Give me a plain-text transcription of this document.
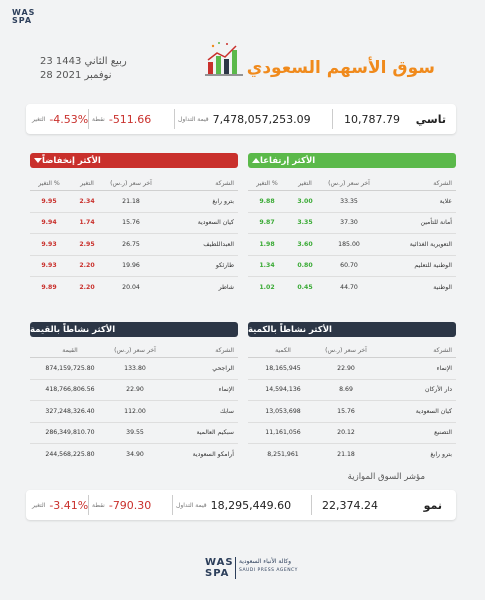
WAS
SPA
23 ربيع الثاني 1443
28 نوفمبر 2021	سوق الأسهم السعودي
تاسي
10,787.79
قيمة التداول 7,478,057,253.09
نقطة -511.66
التغير -4.53%
الأكثر إرتفاعا
الأكثر إنخفاضاً
التغير %	التغير	آخر سعر (ر.س)	الشركة
9.88	3.00	33.35	علاية
9.87	3.35	37.30	أمانة للتأمين
1.98	3.60	185.00	التعويرية الغذائية
1.34	0.80	60.70	الوطنية للتعليم
1.02	0.45	44.70	الوطنية
التغير %	التغير	آخر سعر (ر.س)	الشركة
9.95	2.34	21.18	بترو رابغ
9.94	1.74	15.76	كيان السعودية
9.93	2.95	26.75	العبداللطيف
9.93	2.20	19.96	طارئكو
9.89	2.20	20.04	شاطر
الأكثر نشاطاً بالكمية
الأكثر نشاطاً بالقيمة
الكمية	آخر سعر (ر.س)	الشركة
18,165,945	22.90	الإنماء
14,594,136	8.69	دار الأركان
13,053,698	15.76	كيان السعودية
11,161,056	20.12	التصنيع
8,251,961	21.18	بترو رابغ
القيمة	آخر سعر (ر.س)	الشركة
874,159,725.80	133.80	الراجحي
418,766,806.56	22.90	الإنماء
327,248,326.40	112.00	سابك
286,349,810.70	39.55	سبكيم العالمية
244,568,225.80	34.90	أرامكو السعودية
مؤشر السوق الموازية
نمو
22,374.24
قيمة التداول 18,295,449.60
نقطة -790.30
التغير -3.41%
WAS
SPA
وكالة الأنباء السعودية
SAUDI PRESS AGENCY
